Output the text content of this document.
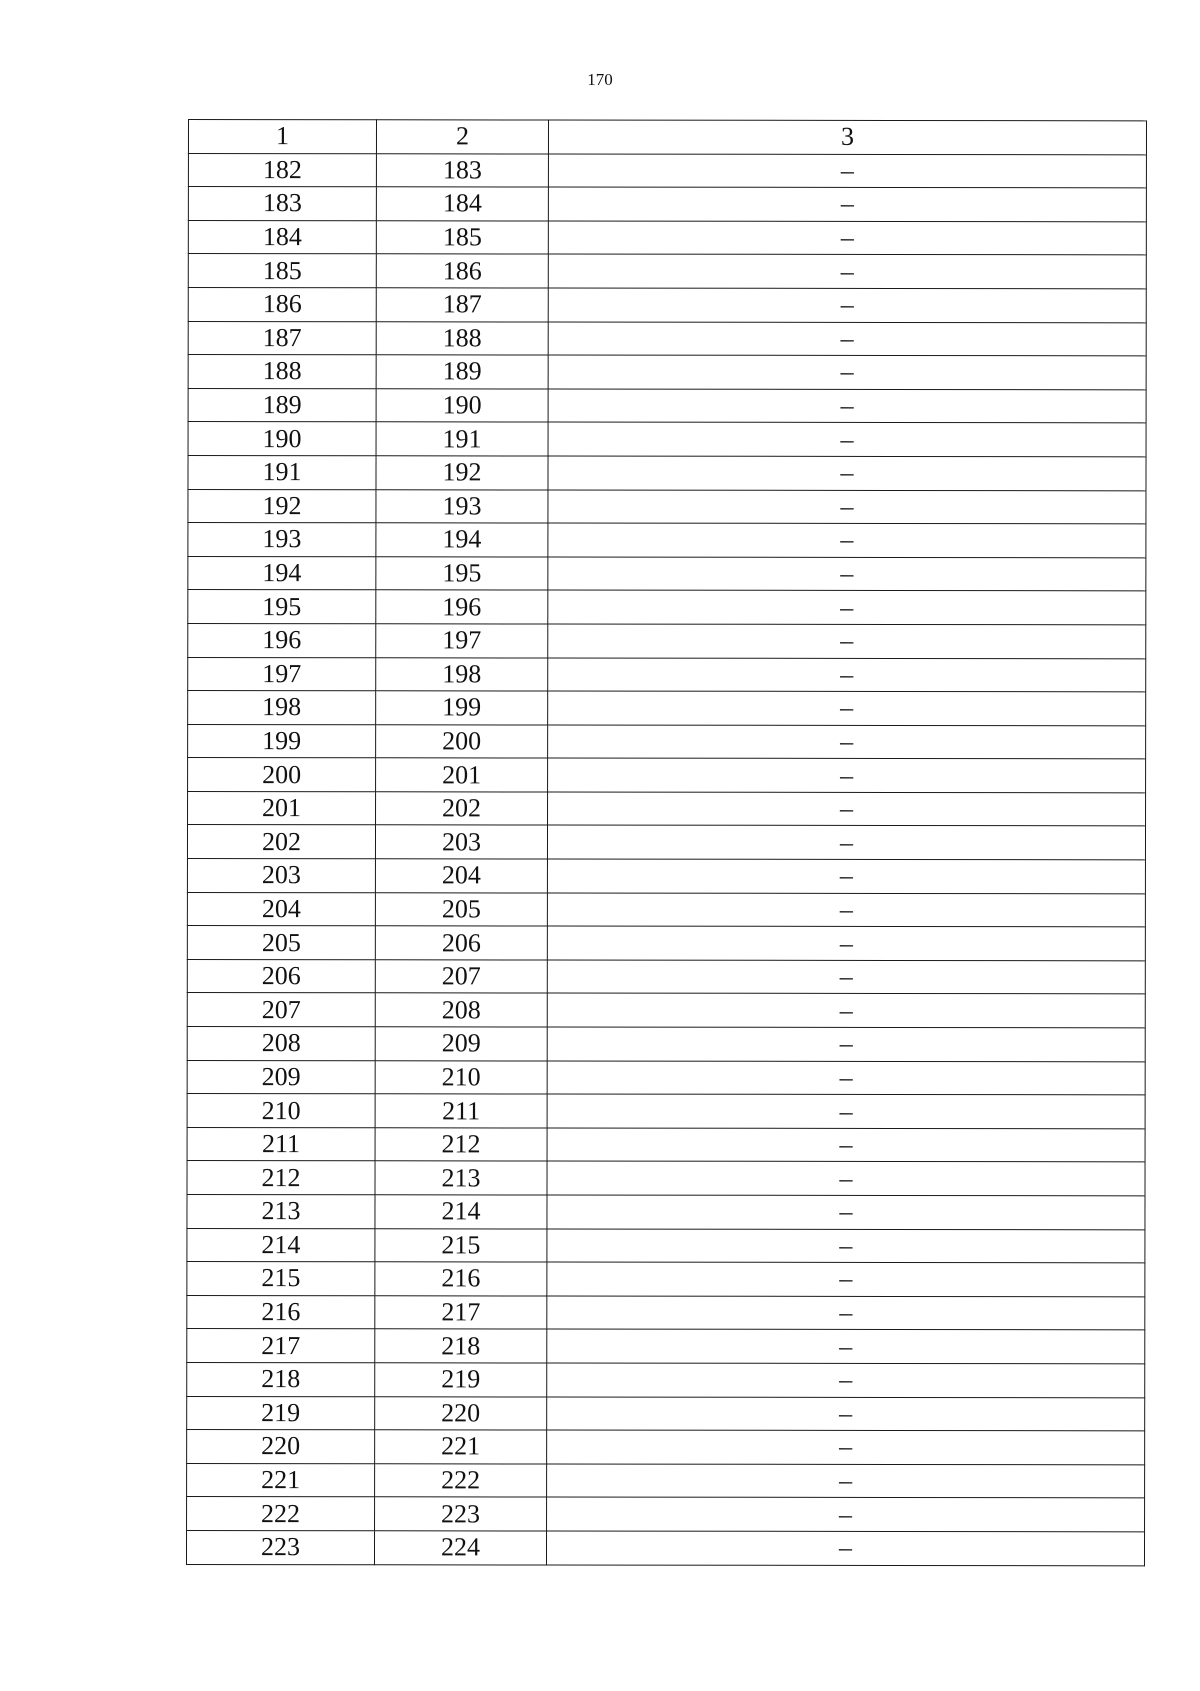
170
1	2	3
182	183	–
183	184	–
184	185	–
185	186	–
186	187	–
187	188	–
188	189	–
189	190	–
190	191	–
191	192	–
192	193	–
193	194	–
194	195	–
195	196	–
196	197	–
197	198	–
198	199	–
199	200	–
200	201	–
201	202	–
202	203	–
203	204	–
204	205	–
205	206	–
206	207	–
207	208	–
208	209	–
209	210	–
210	211	–
211	212	–
212	213	–
213	214	–
214	215	–
215	216	–
216	217	–
217	218	–
218	219	–
219	220	–
220	221	–
221	222	–
222	223	–
223	224	–
